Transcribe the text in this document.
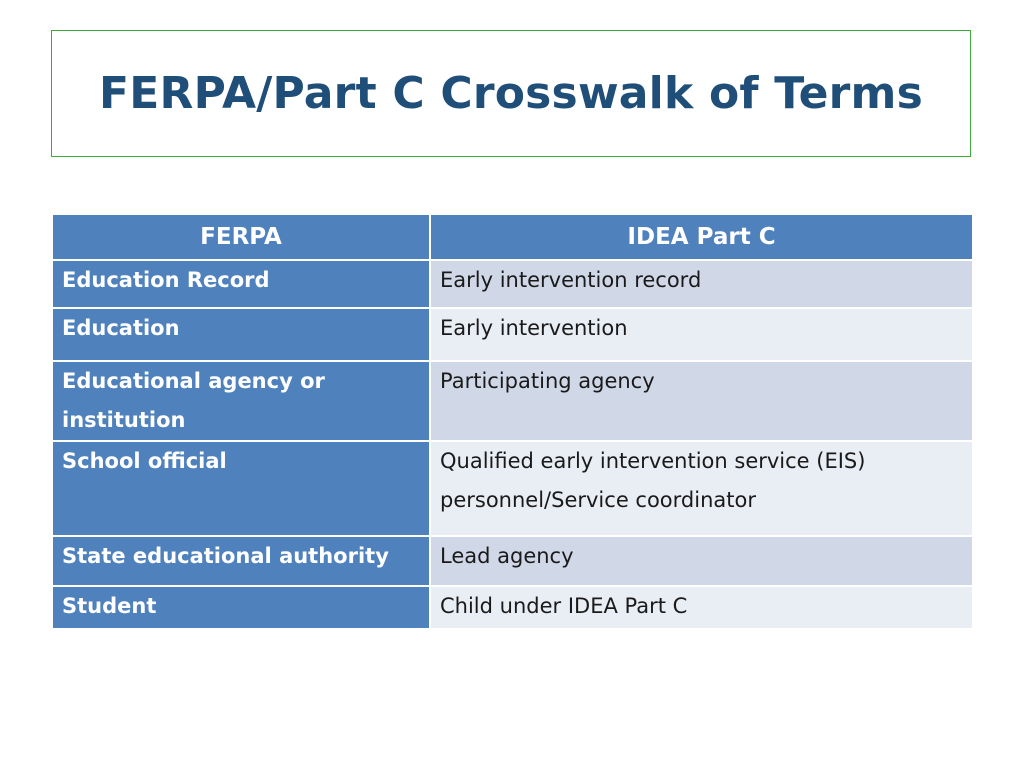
FERPA/Part C Crosswalk of Terms
FERPA	IDEA Part C
Education Record	Early intervention record
Education	Early intervention
Educational agency or institution	Participating agency
School official	Qualified early intervention service (EIS) personnel/Service coordinator
State educational authority	Lead agency
Student	Child under IDEA Part C
